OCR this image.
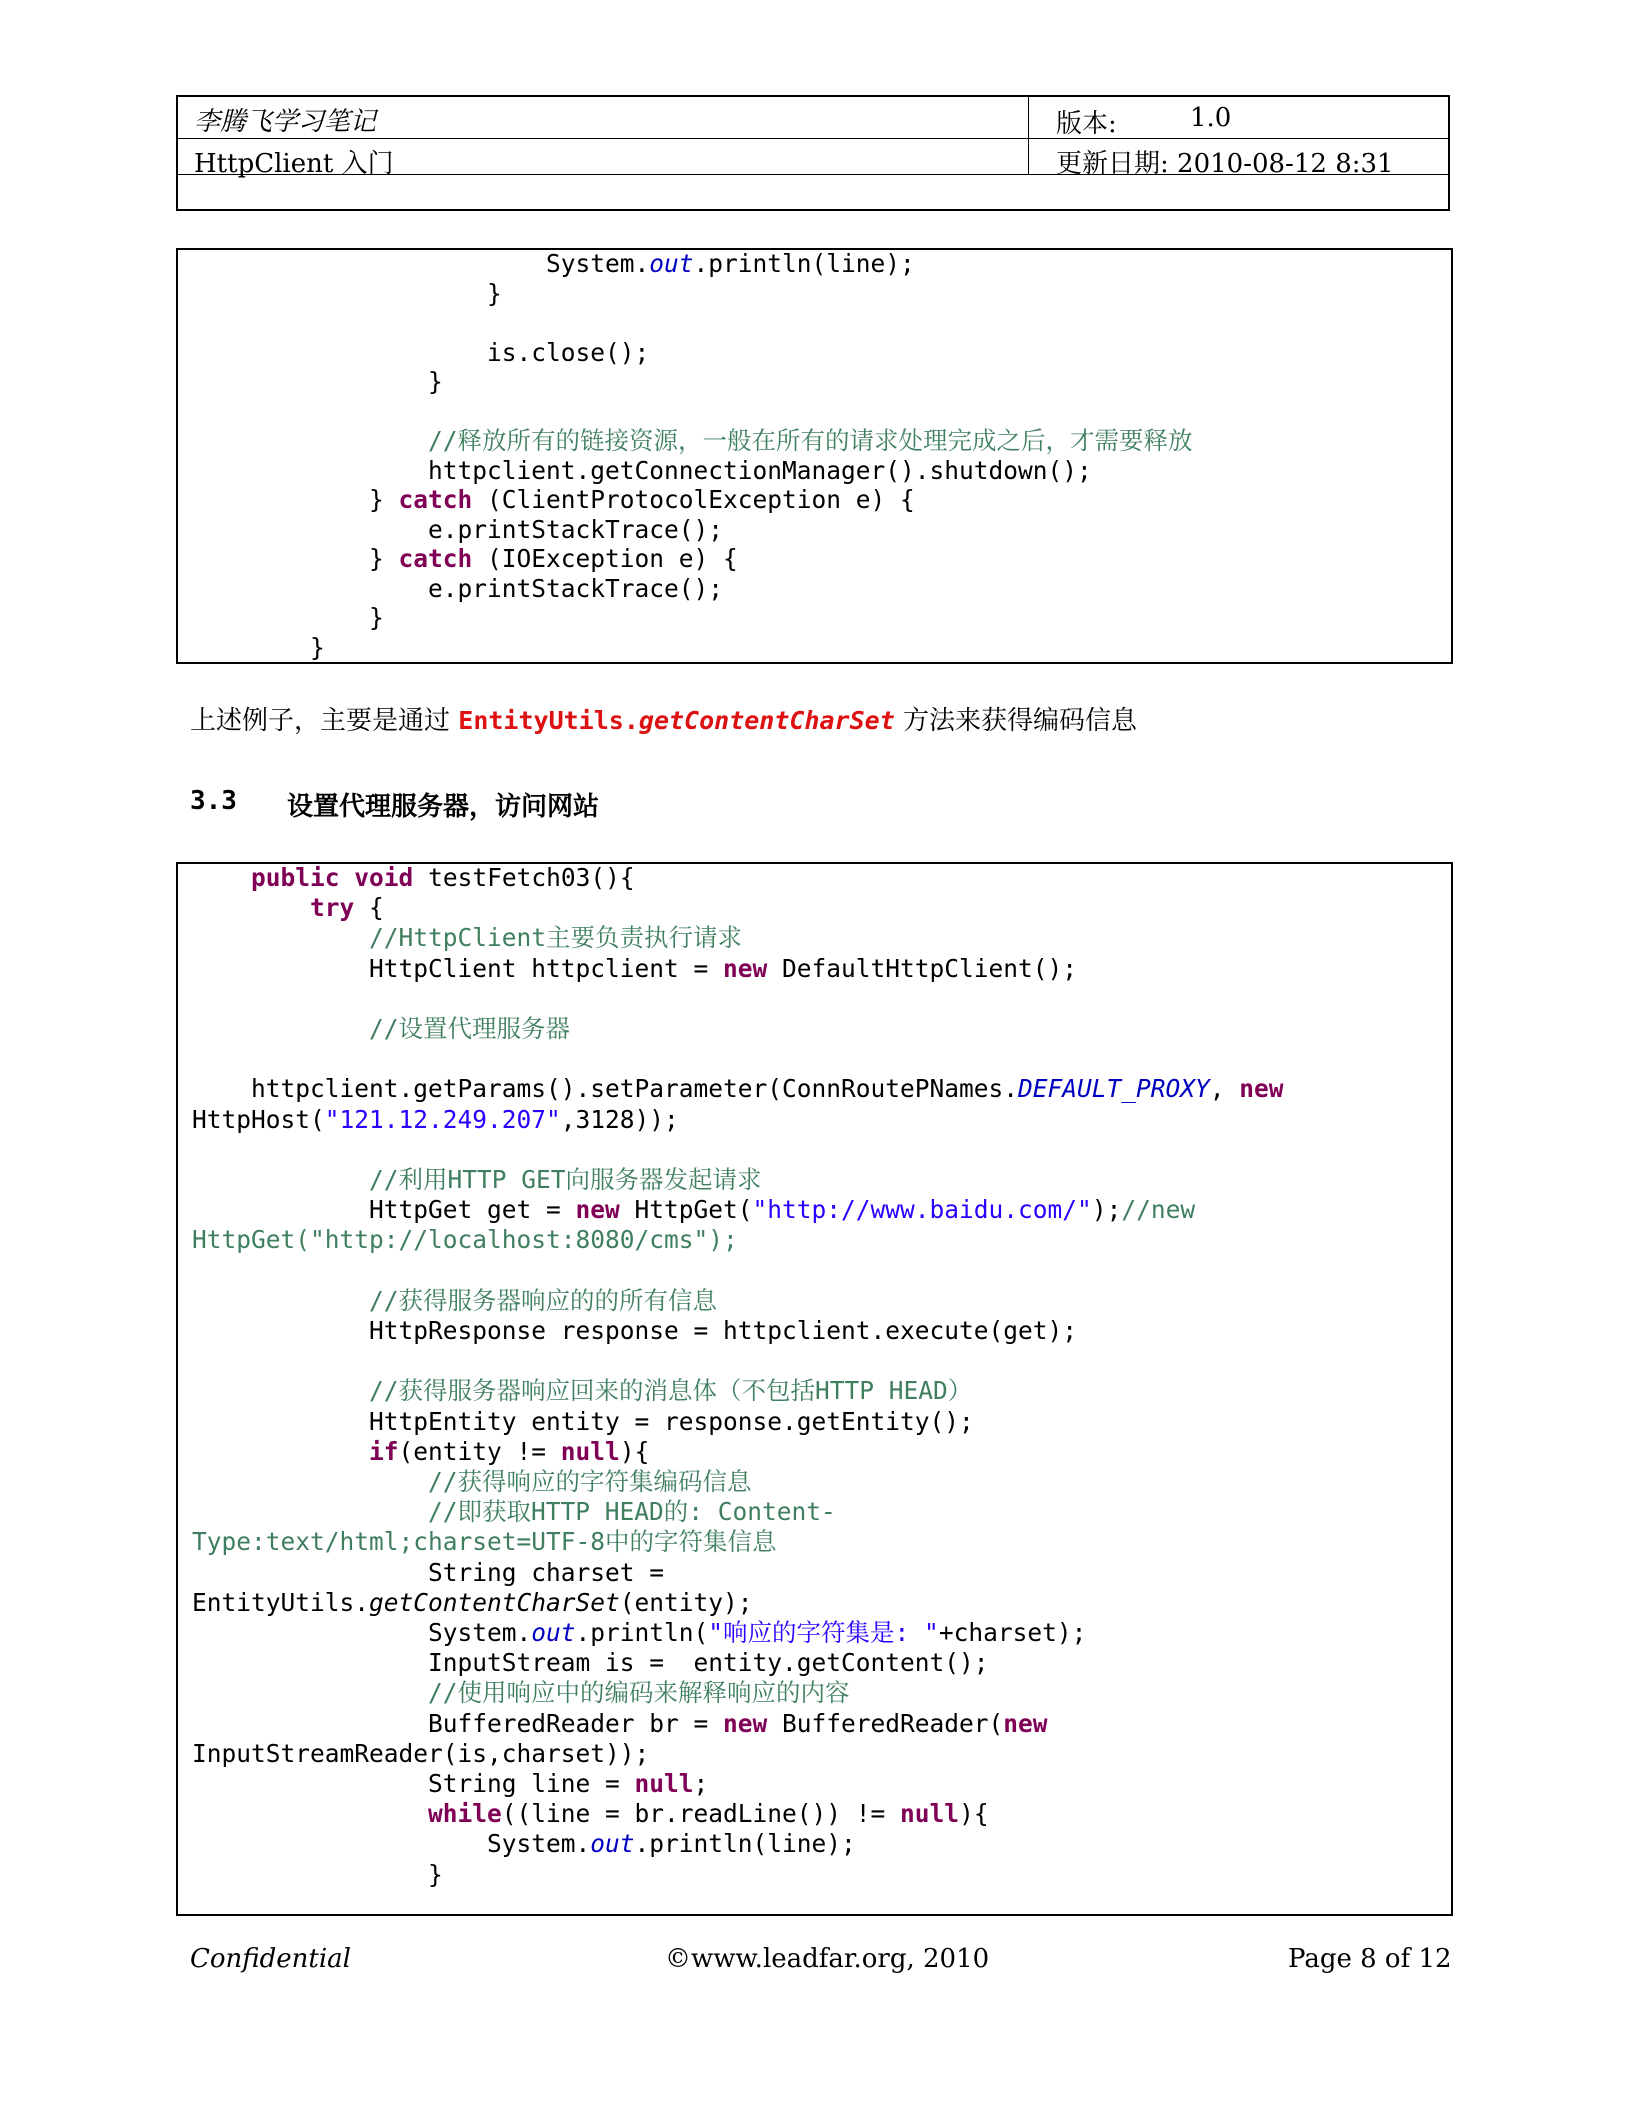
李腾飞学习笔记
HttpClient 入门
版本:	1.0
更新日期: 2010-08-12 8:31
System.out.println(line);
}
is.close();
}
//释放所有的链接资源，一般在所有的请求处理完成之后，才需要释放
httpclient.getConnectionManager().shutdown();
} catch (ClientProtocolException e) {
e.printStackTrace();
} catch (IOException e) {
e.printStackTrace();
}
}
上述例子，主要是通过 EntityUtils.getContentCharSet 方法来获得编码信息
3.3 设置代理服务器，访问网站
public void testFetch03(){
try {
//HttpClient主要负责执行请求
HttpClient httpclient = new DefaultHttpClient();
//设置代理服务器
httpclient.getParams().setParameter(ConnRoutePNames.DEFAULT_PROXY, new
HttpHost("121.12.249.207",3128));
//利用HTTP GET向服务器发起请求
HttpGet get = new HttpGet("http://www.baidu.com/");//new
HttpGet("http://localhost:8080/cms");
//获得服务器响应的的所有信息
HttpResponse response = httpclient.execute(get);
//获得服务器响应回来的消息体（不包括HTTP HEAD）
HttpEntity entity = response.getEntity();
if(entity != null){
//获得响应的字符集编码信息
//即获取HTTP HEAD的: Content-
Type:text/html;charset=UTF-8中的字符集信息
String charset =
EntityUtils.getContentCharSet(entity);
System.out.println("响应的字符集是: "+charset);
InputStream is =  entity.getContent();
//使用响应中的编码来解释响应的内容
BufferedReader br = new BufferedReader(new
InputStreamReader(is,charset));
String line = null;
while((line = br.readLine()) != null){
System.out.println(line);
}
Confidential	©www.leadfar.org, 2010	Page 8 of 12
